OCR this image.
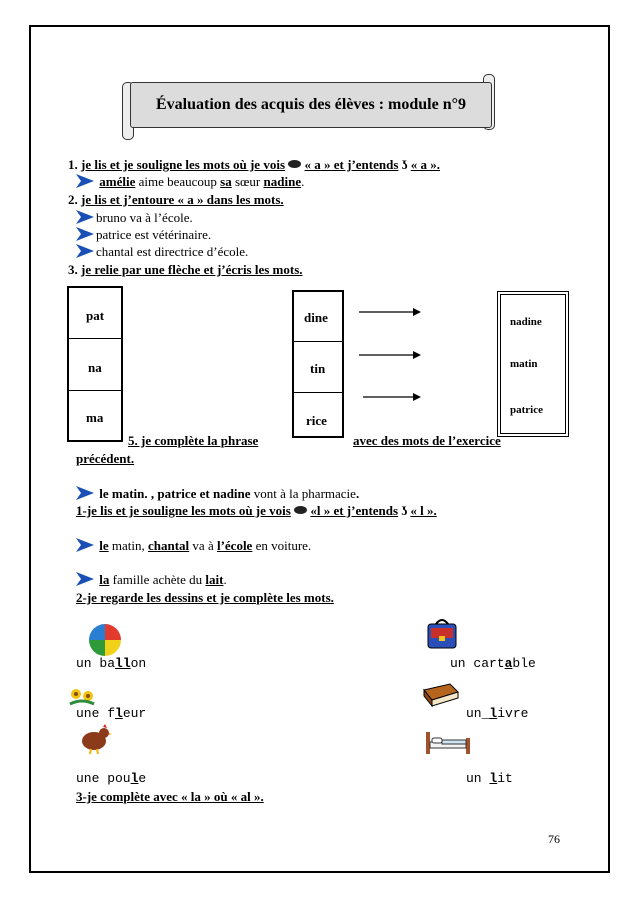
Évaluation des acquis des élèves : module n°9
1. je lis et je souligne les mots où je vois « a » et j’entends ʖ « a ».
amélie aime beaucoup sa sœur nadine.
2. je lis et j’entoure « a » dans les mots.
bruno va à l’école.
patrice est vétérinaire.
chantal est directrice d’école.
3. je relie par une flèche et j’écris les mots.
pat
na
ma
dine
tin
rice
nadine
matin
patrice
5. je complète la phrase	avec des mots de l’exercice
précédent.
le matin. , patrice et nadine vont à la pharmacie.
1-je lis et je souligne les mots où je vois «l » et j’entends ʖ « l ».
le matin, chantal va à l’école en voiture.
la famille achète du lait.
2-je regarde les dessins et je complète les mots.
un ballon	un cartable
une fleur	un_livre
une poule	un lit
3-je complète avec « la » où « al ».
76
